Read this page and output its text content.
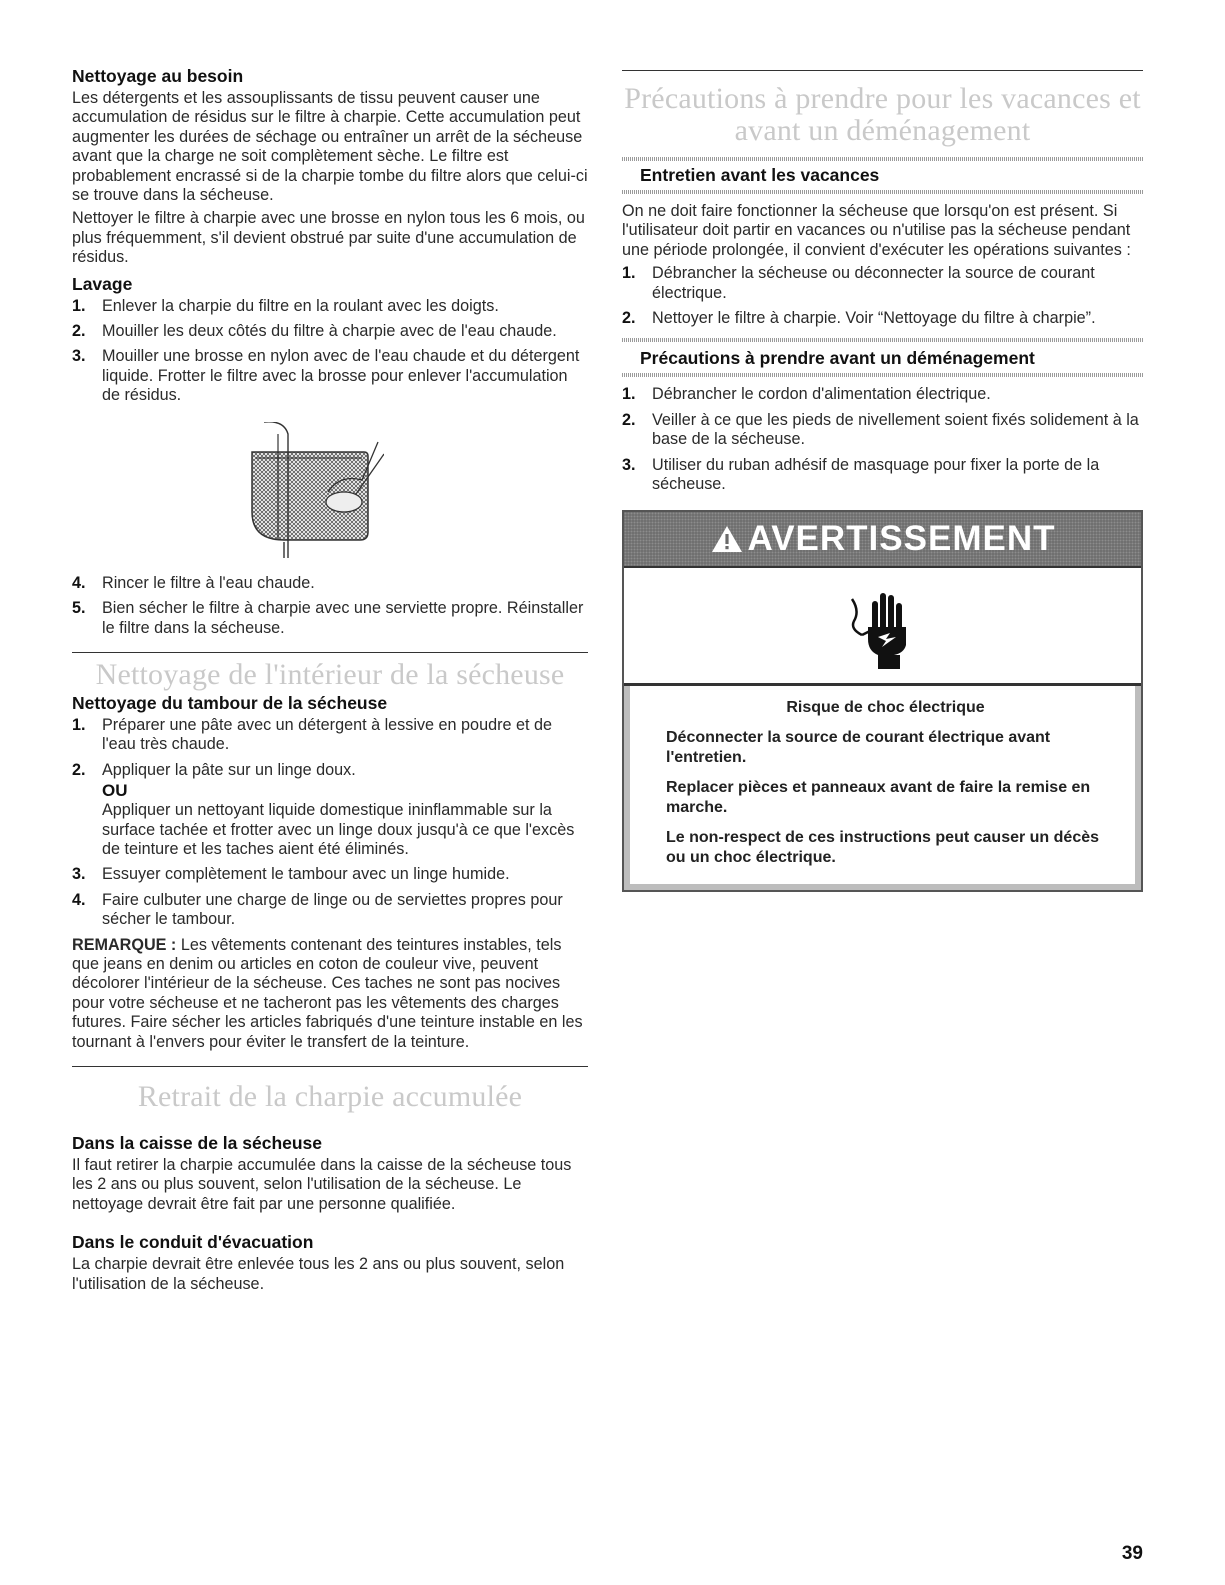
Nettoyage au besoin

Les détergents et les assouplissants de tissu peuvent causer une accumulation de résidus sur le filtre à charpie. Cette accumulation peut augmenter les durées de séchage ou entraîner un arrêt de la sécheuse avant que la charge ne soit complètement sèche. Le filtre est probablement encrassé si de la charpie tombe du filtre alors que celui-ci se trouve dans la sécheuse.

Nettoyer le filtre à charpie avec une brosse en nylon tous les 6 mois, ou plus fréquemment, s'il devient obstrué par suite d'une accumulation de résidus.

Lavage
1. Enlever la charpie du filtre en la roulant avec les doigts.
2. Mouiller les deux côtés du filtre à charpie avec de l'eau chaude.
3. Mouiller une brosse en nylon avec de l'eau chaude et du détergent liquide. Frotter le filtre avec la brosse pour enlever l'accumulation de résidus.
4. Rincer le filtre à l'eau chaude.
5. Bien sécher le filtre à charpie avec une serviette propre. Réinstaller le filtre dans la sécheuse.
Nettoyage de l'intérieur de la sécheuse
Nettoyage du tambour de la sécheuse
1. Préparer une pâte avec un détergent à lessive en poudre et de l'eau très chaude.
2. Appliquer la pâte sur un linge doux.
OU
Appliquer un nettoyant liquide domestique ininflammable sur la surface tachée et frotter avec un linge doux jusqu'à ce que l'excès de teinture et les taches aient été éliminés.
3. Essuyer complètement le tambour avec un linge humide.
4. Faire culbuter une charge de linge ou de serviettes propres pour sécher le tambour.

REMARQUE : Les vêtements contenant des teintures instables, tels que jeans en denim ou articles en coton de couleur vive, peuvent décolorer l'intérieur de la sécheuse. Ces taches ne sont pas nocives pour votre sécheuse et ne tacheront pas les vêtements des charges futures. Faire sécher les articles fabriqués d'une teinture instable en les tournant à l'envers pour éviter le transfert de la teinture.

Retrait de la charpie accumulée
Dans la caisse de la sécheuse

Il faut retirer la charpie accumulée dans la caisse de la sécheuse tous les 2 ans ou plus souvent, selon l'utilisation de la sécheuse. Le nettoyage devrait être fait par une personne qualifiée.

Dans le conduit d'évacuation

La charpie devrait être enlevée tous les 2 ans ou plus souvent, selon l'utilisation de la sécheuse.

Précautions à prendre pour les vacances et avant un déménagement
Entretien avant les vacances

On ne doit faire fonctionner la sécheuse que lorsqu'on est présent. Si l'utilisateur doit partir en vacances ou n'utilise pas la sécheuse pendant une période prolongée, il convient d'exécuter les opérations suivantes :

1. Débrancher la sécheuse ou déconnecter la source de courant électrique.
2. Nettoyer le filtre à charpie. Voir “Nettoyage du filtre à charpie”.
Précautions à prendre avant un déménagement
1. Débrancher le cordon d'alimentation électrique.
2. Veiller à ce que les pieds de nivellement soient fixés solidement à la base de la sécheuse.
3. Utiliser du ruban adhésif de masquage pour fixer la porte de la sécheuse.
AVERTISSEMENT

Risque de choc électrique

Déconnecter la source de courant électrique avant l'entretien.

Replacer pièces et panneaux avant de faire la remise en marche.

Le non-respect de ces instructions peut causer un décès ou un choc électrique.

39
